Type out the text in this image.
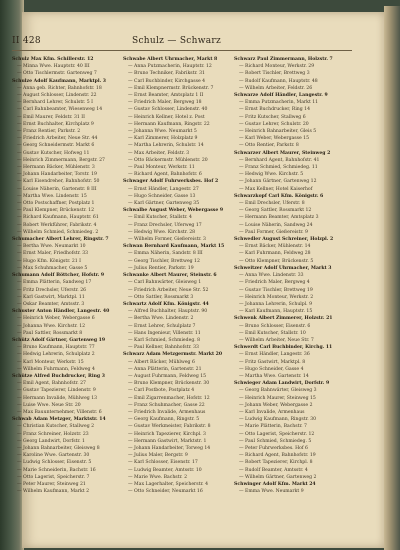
II 428	Schulz — Schwarz
Schulz Max Kfm. Schillerstr. 12
— Minna Wwe. Hauptstr. 40 III
— Otto Tischlermstr. Gartenweg 7
Schulze Adolf Kaufmann, Marktpl. 3
— Anna geb. Richter, Bahnhofstr. 18
— August Schlosser, Lindenstr. 22
— Bernhard Lehrer, Schulstr. 5 I
— Carl Bahnbeamter, Wiesenweg 14
— Emil Maurer, Feldstr. 31 II
— Ernst Buchhalter, Kirchplatz 9
— Franz Rentier, Parkstr. 2
— Friedrich Arbeiter, Neue Str. 44
— Georg Schneidermstr. Markt 6
— Gustav Kutscher, Hofweg 11
— Heinrich Zimmermann, Bergstr. 27
— Hermann Bäcker, Mühlenstr. 3
— Johann Handarbeiter, Torstr. 19
— Karl Eisendreher, Bahnhofstr. 50
— Louise Näherin, Gartenstr. 8 III
— Martha Wwe. Lindenstr. 15
— Otto Postschaffner, Postplatz 1
— Paul Klempner, Brückenstr. 12
— Richard Kaufmann, Hauptstr. 61
— Robert Werkführer, Fabrikstr. 4
— Wilhelm Schmied, Schmiedeg. 2
Schumacher Albert Lehrer, Ringstr. 7
— Bertha Wwe. Neumarkt 10
— Ernst Maler, Friedhofstr. 33
— Hugo Kfm. Königstr. 21 I
— Max Schuhmacher, Gasse 5
Schumann Adolf Böttcher, Hofstr. 9
— Emma Plätterin, Sandweg 17
— Fritz Drechsler, Uferstr. 26
— Karl Gastwirt, Marktpl. 11
— Oskar Beamter, Amtsstr. 3
Schuster Anton Händler, Langestr. 40
— Heinrich Weber, Webergasse 6
— Johanna Wwe. Kirchstr. 12
— Paul Sattler, Rossmarkt 8
Schütz Adolf Gärtner, Gartenweg 19
— Bruno Kaufmann, Hauptstr. 77
— Hedwig Lehrerin, Schulplatz 2
— Karl Monteur, Werkstr. 15
— Wilhelm Fuhrmann, Feldweg 4
Schütze Alfred Buchdrucker, Ring 3
— Emil Agent, Bahnhofstr. 27
— Gustav Tapezierer, Lindenstr. 9
— Hermann Invalide, Mühlweg 13
— Luise Wwe. Neue Str. 20
— Max Bauunternehmer, Villenstr. 6
Schwab Adam Metzger, Marktstr. 14
— Christian Kutscher, Stallweg 2
— Franz Schreiner, Holzstr. 23
— Georg Landwirt, Dorfstr. 1
— Johann Bahnarbeiter, Gleisweg 8
— Karoline Wwe. Gartenstr. 30
— Ludwig Schlosser, Eisenstr. 5
— Marie Schneiderin, Bachstr. 16
— Otto Lagerist, Speicherstr. 7
— Peter Maurer, Steinweg 21
— Wilhelm Kaufmann, Markt 2
Schwabe Albert Uhrmacher, Markt 8
— Anna Putzmacherin, Hauptstr. 12
— Bruno Techniker, Fabrikstr. 31
— Carl Buchbinder, Kirchgasse 4
— Emil Klempnermstr. Brückenstr. 7
— Ernst Beamter, Amtsplatz 1 II
— Friedrich Maler, Bergweg 18
— Gustav Schlosser, Lindenstr. 40
— Heinrich Kellner, Hotel z. Post
— Hermann Kaufmann, Ringstr. 22
— Johanna Wwe. Neumarkt 5
— Karl Zimmerer, Holzplatz 9
— Martha Lehrerin, Schulstr. 14
— Max Arbeiter, Feldstr. 3
— Otto Bäckermstr. Mühlenstr. 20
— Paul Monteur, Werkstr. 11
— Richard Agent, Bahnhofstr. 6
Schwager Adolf Fuhrwerksbes. Hof 2
— Ernst Händler, Langestr. 27
— Hugo Schneider, Gasse 13
— Karl Gärtner, Gartenweg 35
Schwalbe August Weber, Webergasse 9
— Emil Kutscher, Stallstr. 4
— Franz Drechsler, Uferweg 17
— Hedwig Wwe. Kirchstr. 28
— Wilhelm Former, Gießereistr. 3
Schwan Bernhard Kaufmann, Markt 15
— Emma Näherin, Sandstr. 8 III
— Georg Tischler, Brettweg 12
— Julius Rentier, Parkstr. 19
Schwanke Albert Maurer, Steinstr. 6
— Carl Bahnwärter, Gleisweg 1
— Friedrich Arbeiter, Neue Str. 52
— Otto Sattler, Rossmarkt 3
Schwartz Adolf Kfm. Königstr. 44
— Alfred Buchhalter, Hauptstr. 90
— Bertha Wwe. Lindenstr. 2
— Ernst Lehrer, Schulplatz 7
— Hans Ingenieur, Villenstr. 11
— Karl Schmied, Schmiedeg. 8
— Paul Kellner, Bahnhofstr. 33
Schwarz Adam Metzgermstr. Markt 20
— Albert Bäcker, Mühlweg 6
— Anna Plätterin, Gartenstr. 21
— August Fuhrmann, Feldweg 15
— Bruno Klempner, Brückenstr. 30
— Carl Postbote, Postplatz 4
— Emil Zigarrenmacher, Hofstr. 12
— Franz Schuhmacher, Gasse 22
— Friedrich Invalide, Armenhaus
— Georg Kaufmann, Ringstr. 5
— Gustav Werkmeister, Fabrikstr. 8
— Heinrich Tapezierer, Kirchpl. 3
— Hermann Gastwirt, Marktstr. 1
— Johann Handarbeiter, Torweg 14
— Julius Maler, Bergstr. 9
— Karl Schlosser, Eisenstr. 17
— Ludwig Beamter, Amtsstr. 10
— Marie Wwe. Bachstr. 2
— Max Lagerhalter, Speicherstr. 4
— Otto Schneider, Neumarkt 16
Schwarz Paul Zimmermann, Holzstr. 7
— Richard Monteur, Werkstr. 29
— Robert Tischler, Brettweg 3
— Rudolf Kaufmann, Hauptstr. 48
— Wilhelm Arbeiter, Feldstr. 26
Schwarze Adolf Händler, Langestr. 9
— Emma Putzmacherin, Markt 11
— Ernst Buchdrucker, Ring 14
— Fritz Kutscher, Stallweg 6
— Gustav Lehrer, Schulstr. 20
— Heinrich Bahnarbeiter, Gleis 5
— Karl Weber, Webergasse 15
— Otto Rentier, Parkstr. 8
Schwarzer Albert Maurer, Steinweg 2
— Bernhard Agent, Bahnhofstr. 41
— Franz Schmied, Schmiedeg. 11
— Hedwig Wwe. Kirchstr. 5
— Johann Gärtner, Gartenweg 12
— Max Kellner, Hotel Kaiserhof
Schwarzkopf Carl Kfm. Königstr. 6
— Emil Drechsler, Uferstr. 8
— Georg Sattler, Rossmarkt 12
— Hermann Beamter, Amtsplatz 3
— Louise Näherin, Sandweg 24
— Paul Former, Gießereistr. 9
Schwedler August Schreiner, Holzpl. 2
— Ernst Bäcker, Mühlenstr. 14
— Karl Fuhrmann, Feldweg 28
— Otto Klempner, Brückenstr. 5
Schweitzer Adolf Uhrmacher, Markt 3
— Anna Wwe. Lindenstr. 33
— Friedrich Maler, Bergweg 4
— Gustav Tischler, Brettweg 19
— Heinrich Monteur, Werkstr. 2
— Johanna Lehrerin, Schulpl. 9
— Karl Kaufmann, Hauptstr. 15
Schwenk Albert Zimmerer, Holzstr. 21
— Bruno Schlosser, Eisenstr. 6
— Emil Kutscher, Stallstr. 10
— Wilhelm Arbeiter, Neue Str. 7
Schwerdt Carl Buchbinder, Kirchg. 11
— Ernst Händler, Langestr. 36
— Fritz Gastwirt, Marktpl. 8
— Hugo Schneider, Gasse 4
— Martha Wwe. Gartenstr. 14
Schwieger Adam Landwirt, Dorfstr. 9
— Georg Bahnwärter, Gleisweg 3
— Heinrich Maurer, Steinweg 15
— Johann Weber, Webergasse 2
— Karl Invalide, Armenhaus
— Ludwig Kaufmann, Ringstr. 30
— Marie Plätterin, Bachstr. 7
— Otto Lagerist, Speicherstr. 12
— Paul Schmied, Schmiedeg. 5
— Peter Fuhrwerksbes. Hof 6
— Richard Agent, Bahnhofstr. 19
— Robert Tapezierer, Kirchpl. 8
— Rudolf Beamter, Amtsstr. 4
— Wilhelm Gärtner, Gartenweg 2
Schwinger Adolf Kfm. Markt 24
— Emma Wwe. Neumarkt 9
